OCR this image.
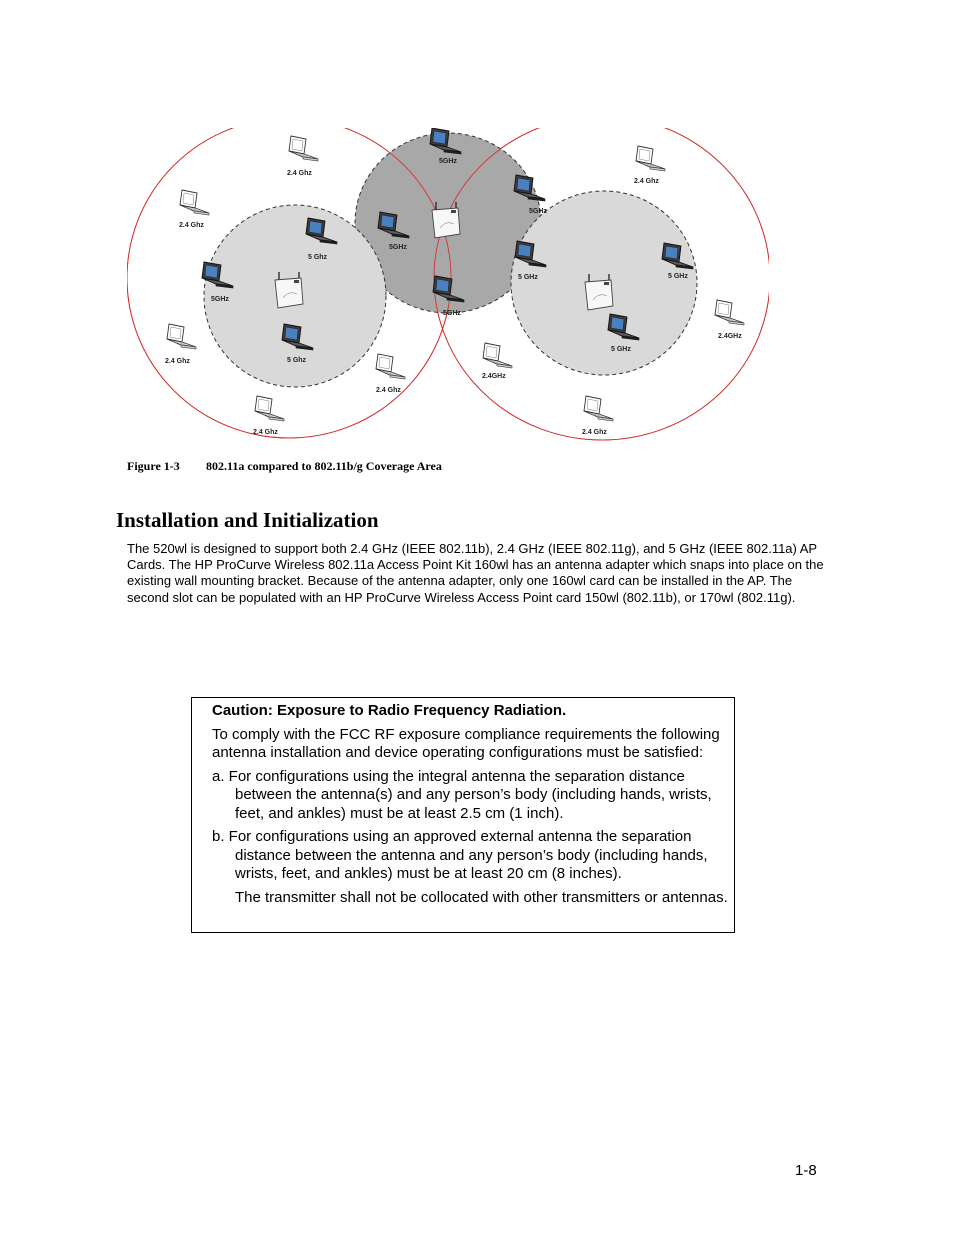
2.4 Ghz
2.4 Ghz
5 Ghz
5GHz
2.4 Ghz	5 Ghz
2.4 Ghz
2.4 Ghz
5GHz
5GHz
5GHz
5GHz
2.4 Ghz
5 GHz	5 GHz
5 GHz
2.4GHz
2.4GHz
2.4 Ghz
Figure 1-3 802.11a compared to 802.11b/g Coverage Area
Installation and Initialization

The 520wl is designed to support both 2.4 GHz (IEEE 802.11b), 2.4 GHz (IEEE 802.11g), and 5 GHz (IEEE 802.11a) AP Cards. The HP ProCurve Wireless 802.11a Access Point Kit 160wl has an antenna adapter which snaps into place on the existing wall mounting bracket. Because of the antenna adapter, only one 160wl card can be installed in the AP. The second slot can be populated with an HP ProCurve Wireless Access Point card 150wl (802.11b), or 170wl (802.11g).

Caution: Exposure to Radio Frequency Radiation.

To comply with the FCC RF exposure compliance requirements the following antenna installation and device operating configurations must be satisfied:

a. For configurations using the integral antenna the separation distance between the antenna(s) and any person’s body (including hands, wrists, feet, and ankles) must be at least 2.5 cm (1 inch).

b. For configurations using an approved external antenna the separation distance between the antenna and any person’s body (including hands, wrists, feet, and ankles) must be at least 20 cm (8 inches).

The transmitter shall not be collocated with other transmitters or antennas.

1-8
